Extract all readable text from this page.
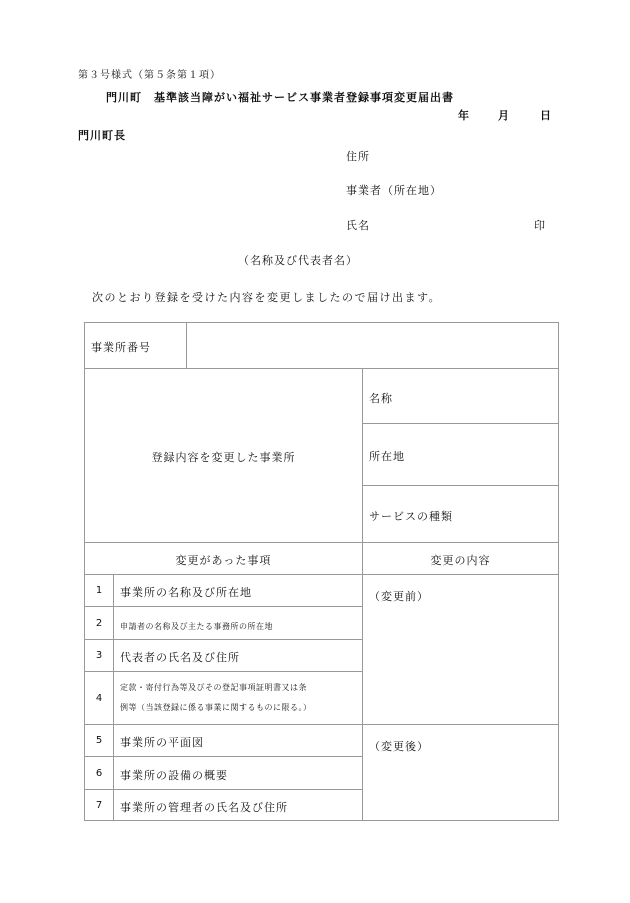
第３号様式（第５条第１項）
門川町　基準該当障がい福祉サービス事業者登録事項変更届出書
年	月	日
門川町長
住所
事業者（所在地）
氏名	印
（名称及び代表者名）
次のとおり登録を受けた内容を変更しましたので届け出ます。
事業所番号			
登録内容を変更した事業所			名称
			所在地
			サービスの種類
変更があった事項			変更の内容
1	事業所の名称及び所在地		（変更前）
2	申請者の名称及び主たる事務所の所在地		
3	代表者の氏名及び住所		
4	定款・寄付行為等及びその登記事項証明書又は条
例等（当該登録に係る事業に関するものに限る。）		

5	事業所の平面図		（変更後）
6	事業所の設備の概要		
7	事業所の管理者の氏名及び住所		
